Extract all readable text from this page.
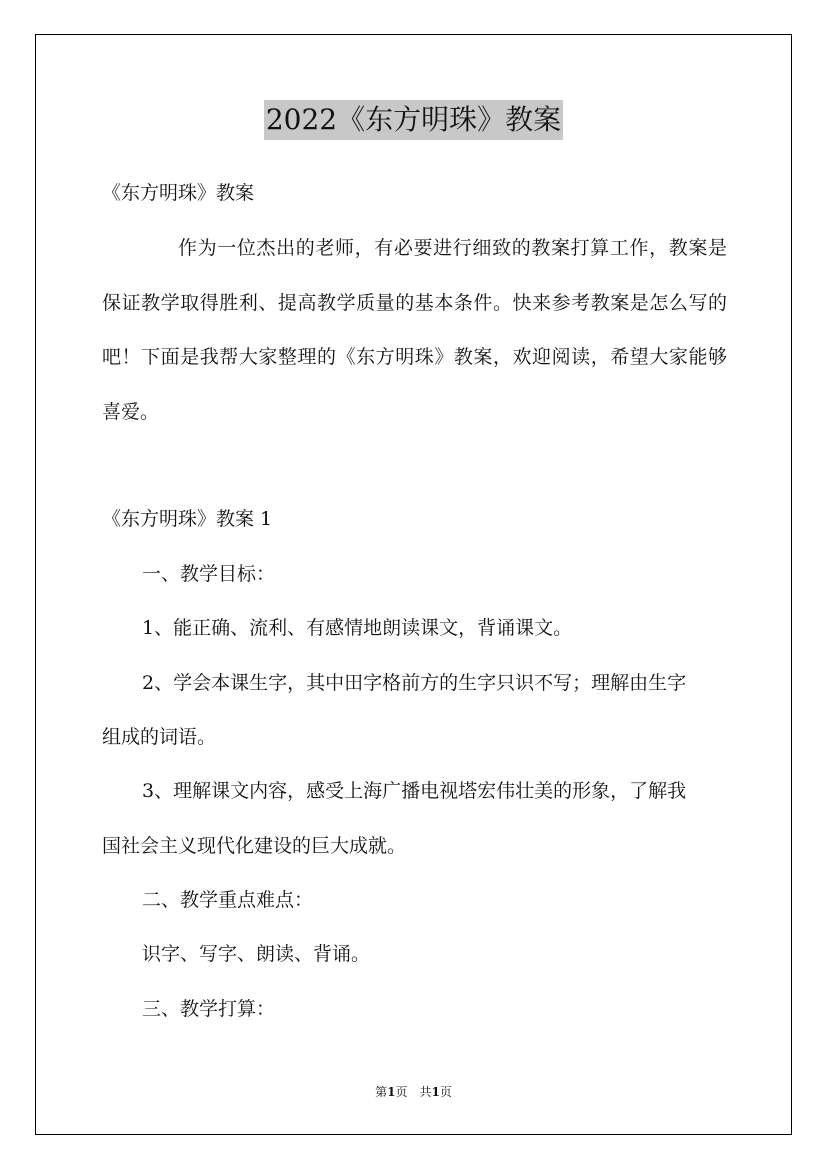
2022《东方明珠》教案
《东方明珠》教案

作为一位杰出的老师，有必要进行细致的教案打算工作，教案是保证教学取得胜利、提高教学质量的基本条件。快来参考教案是怎么写的吧！下面是我帮大家整理的《东方明珠》教案，欢迎阅读，希望大家能够喜爱。

《东方明珠》教案 1
一、教学目标：
1、能正确、流利、有感情地朗读课文，背诵课文。
2、学会本课生字，其中田字格前方的生字只识不写；理解由生字
组成的词语。
3、理解课文内容，感受上海广播电视塔宏伟壮美的形象，了解我
国社会主义现代化建设的巨大成就。
二、教学重点难点：
识字、写字、朗读、背诵。
三、教学打算：
第1页　共1页
